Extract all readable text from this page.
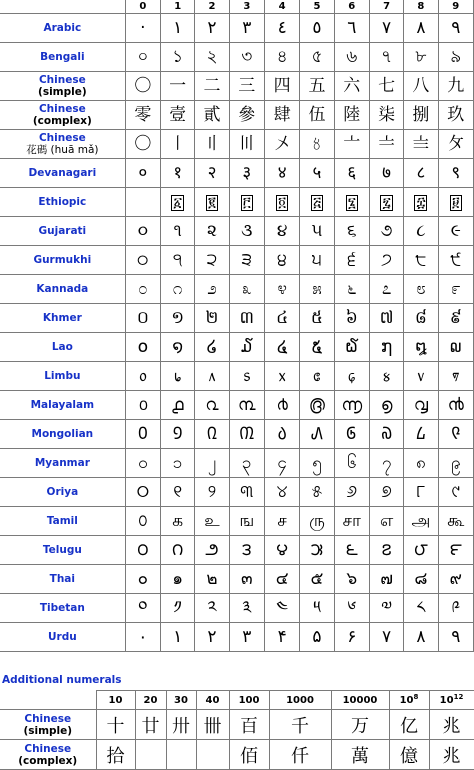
	0	1	2	3	4	5	6	7	8	9

Arabic	·	١	٢	٣	٤	٥	٦	٧	٨	٩

Bengali	০	১	২	৩	৪	৫	৬	৭	৮	৯

Chinese
(simple)	〇	一	二	三	四	五	六	七	八	九

Chinese
(complex)	零	壹	貳	參	肆	伍	陸	柒	捌	玖

Chinese
花碼 (huā mǎ)	〇	〡	〢	〣	〤	〥	〦	〧	〨	〩

Devanagari	०	१	२	३	४	५	६	७	८	९

Ethiopic		፩	፪	፫	፬	፭	፮	፯	፰	፱

Gujarati	૦	૧	૨	૩	૪	૫	૬	૭	૮	૯

Gurmukhi	੦	੧	੨	੩	੪	੫	੬	੭	੮	੯

Kannada	೦	೧	೨	೩	೪	೫	೬	೭	೮	೯

Khmer	០	១	២	៣	៤	៥	៦	៧	៨	៩

Lao	໐	໑	໒	໓	໔	໕	໖	໗	໘	໙

Limbu	᥆	᥇	᥈	᥉	᥊	᥋	᥌	᥍	᥎	᥏

Malayalam	൦	൧	൨	൩	൪	൫	൬	൭	൮	൯

Mongolian	᠐	᠑	᠒	᠓	᠔	᠕	᠖	᠗	᠘	᠙

Myanmar	၀	၁	၂	၃	၄	၅	၆	၇	၈	၉

Oriya	୦	୧	୨	୩	୪	୫	୬	୭	୮	୯

Tamil	௦	க	உ	ங	ச	ரு	சா	எ	அ	கூ

Telugu	౦	౧	౨	౩	౪	౫	౬	౭	౮	౯

Thai	๐	๑	๒	๓	๔	๕	๖	๗	๘	๙

Tibetan	༠	༡	༢	༣	༤	༥	༦	༧	༨	༩

Urdu	۰	۱	۲	۳	۴	۵	۶	۷	۸	۹
Additional numerals
	10	20	30	40	100	1000	10000	$10^8$	$10^{12}$

Chinese
(simple)	十	廿	卅	卌	百	千	万	亿	兆

Chinese
(complex)	拾				佰	仟	萬	億	兆
